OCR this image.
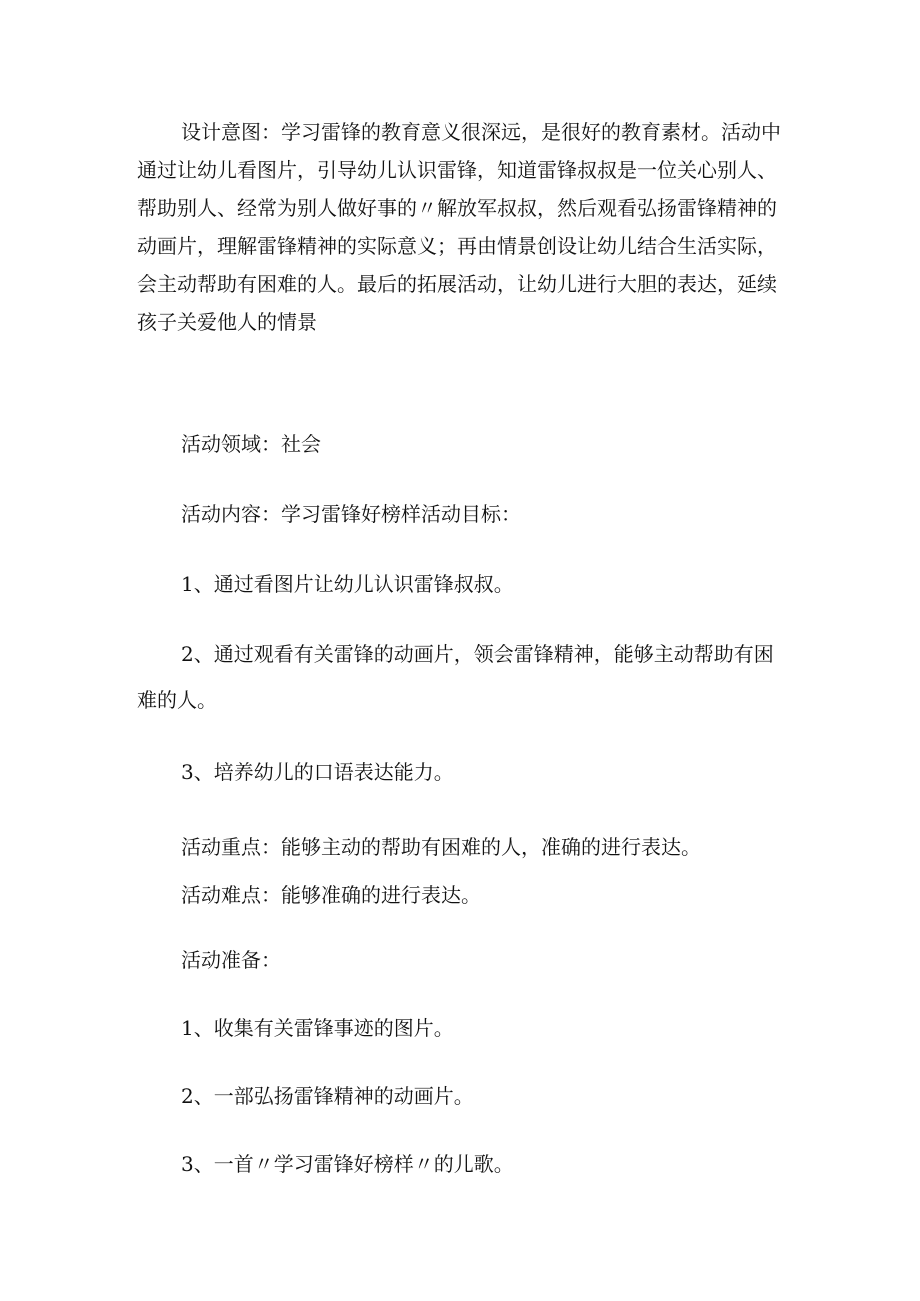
设计意图：学习雷锋的教育意义很深远，是很好的教育素材。活动中
通过让幼儿看图片，引导幼儿认识雷锋，知道雷锋叔叔是一位关心别人、
帮助别人、经常为别人做好事的〃解放军叔叔，然后观看弘扬雷锋精神的
动画片，理解雷锋精神的实际意义；再由情景创设让幼儿结合生活实际，
会主动帮助有困难的人。最后的拓展活动，让幼儿进行大胆的表达，延续
孩子关爱他人的情景
活动领域：社会
活动内容：学习雷锋好榜样活动目标：
1、通过看图片让幼儿认识雷锋叔叔。
2、通过观看有关雷锋的动画片，领会雷锋精神，能够主动帮助有困
难的人。
3、培养幼儿的口语表达能力。
活动重点：能够主动的帮助有困难的人，准确的进行表达。
活动难点：能够准确的进行表达。
活动准备：
1、收集有关雷锋事迹的图片。
2、一部弘扬雷锋精神的动画片。
3、一首〃学习雷锋好榜样〃的儿歌。
